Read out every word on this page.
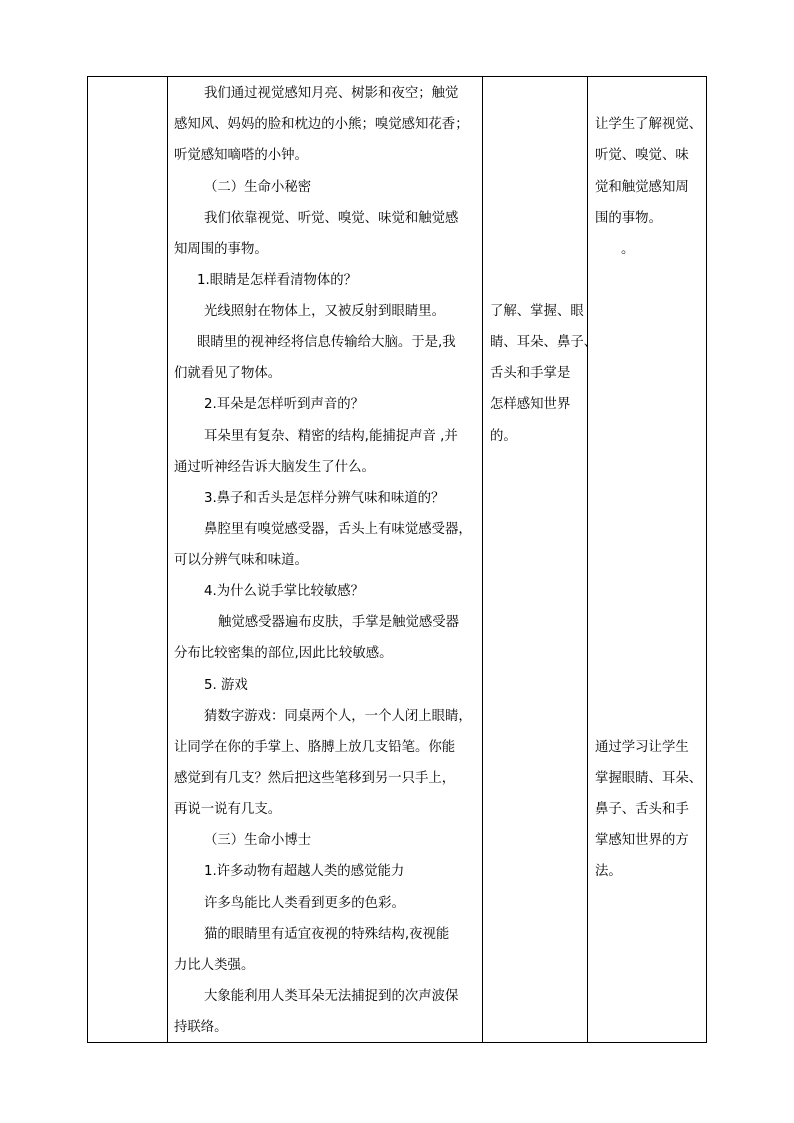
我们通过视觉感知月亮、树影和夜空；触觉
感知风、妈妈的脸和枕边的小熊；嗅觉感知花香；
听觉感知嘀嗒的小钟。
（二）生命小秘密
我们依靠视觉、听觉、嗅觉、味觉和触觉感
知周围的事物。
1.眼睛是怎样看清物体的？
光线照射在物体上，又被反射到眼睛里。
眼睛里的视神经将信息传输给大脑。于是,我
们就看见了物体。
2.耳朵是怎样听到声音的？
耳朵里有复杂、精密的结构,能捕捉声音 ,并
通过听神经告诉大脑发生了什么。
3.鼻子和舌头是怎样分辨气味和味道的？
鼻腔里有嗅觉感受器，舌头上有味觉感受器，
可以分辨气味和味道。
4.为什么说手掌比较敏感？
触觉感受器遍布皮肤，手掌是触觉感受器
分布比较密集的部位,因此比较敏感。
5. 游戏
猜数字游戏：同桌两个人，一个人闭上眼睛，
让同学在你的手掌上、胳膊上放几支铅笔。你能
感觉到有几支？然后把这些笔移到另一只手上，
再说一说有几支。
（三）生命小博士
1.许多动物有超越人类的感觉能力
许多鸟能比人类看到更多的色彩。
猫的眼睛里有适宜夜视的特殊结构,夜视能
力比人类强。
大象能利用人类耳朵无法捕捉到的次声波保
持联络。
了解、掌握、眼
睛、耳朵、鼻子、
舌头和手掌是
怎样感知世界
的。
让学生了解视觉、
听觉、嗅觉、味
觉和触觉感知周
围的事物。
。
通过学习让学生
掌握眼睛、耳朵、
鼻子、舌头和手
掌感知世界的方
法。
